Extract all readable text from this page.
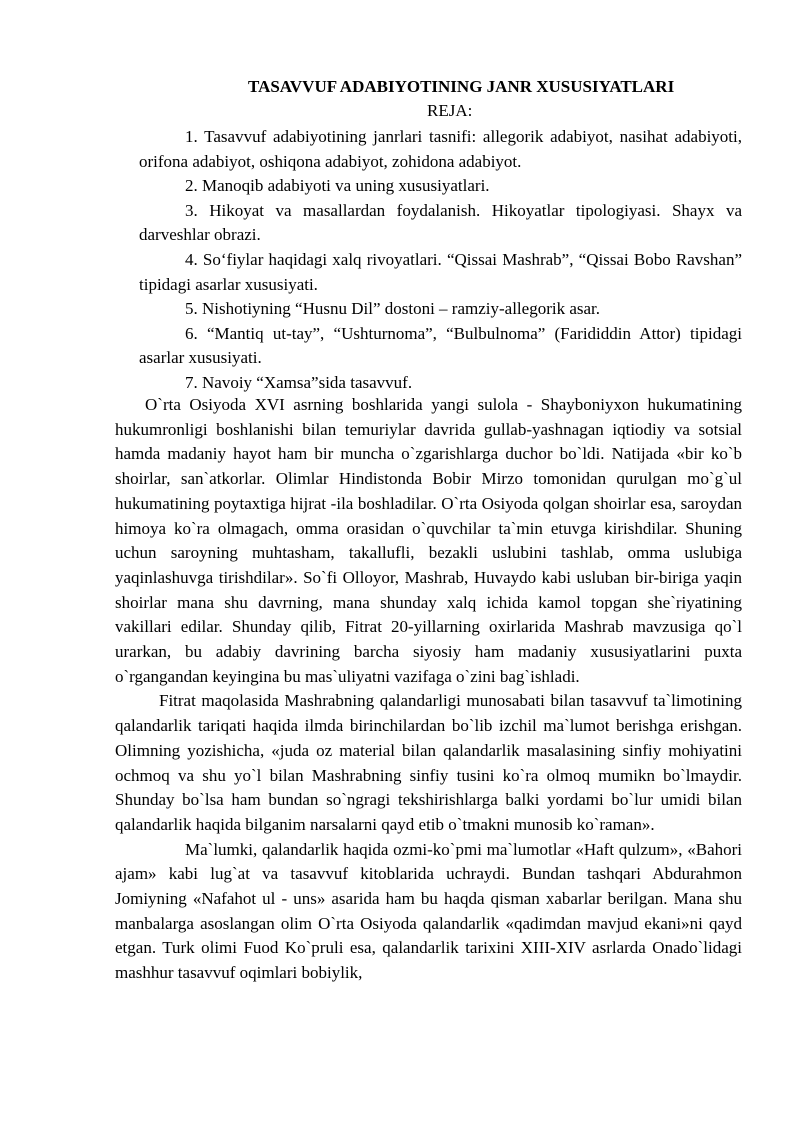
TASAVVUF ADABIYOTINING JANR XUSUSIYATLARI
REJA:
1. Tasavvuf adabiyotining janrlari tasnifi: allegorik adabiyot, nasihat adabiyoti, orifona adabiyot, oshiqona adabiyot, zohidona adabiyot.
2. Manoqib adabiyoti va uning xususiyatlari.
3. Hikoyat va masallardan foydalanish. Hikoyatlar tipologiyasi. Shayx va darveshlar obrazi.
4. So‘fiylar haqidagi xalq rivoyatlari. “Qissai Mashrab”, “Qissai Bobo Ravshan” tipidagi asarlar xususiyati.
5. Nishotiyning “Husnu Dil” dostoni – ramziy-allegorik asar.
6. “Mantiq ut-tay”, “Ushturnoma”, “Bulbulnoma” (Farididdin Attor) tipidagi asarlar xususiyati.
7. Navoiy “Xamsa”sida tasavvuf.

O`rta Osiyoda XVI asrning boshlarida yangi sulola - Shayboniyxon hukumatining hukumronligi boshlanishi bilan temuriylar davrida gullab-yashnagan iqtiodiy va sotsial hamda madaniy hayot ham bir muncha o`zgarishlarga duchor bo`ldi. Natijada «bir ko`b shoirlar, san`atkorlar. Olimlar Hindistonda Bobir Mirzo tomonidan qurulgan mo`g`ul hukumatining poytaxtiga hijrat -ila boshladilar. O`rta Osiyoda qolgan shoirlar esa, saroydan himoya ko`ra olmagach, omma orasidan o`quvchilar ta`min etuvga kirishdilar. Shuning uchun saroyning muhtasham, takallufli, bezakli uslubini tashlab, omma uslubiga yaqinlashuvga tirishdilar». So`fi Olloyor, Mashrab, Huvaydo kabi usluban bir-biriga yaqin shoirlar mana shu davrning, mana shunday xalq ichida kamol topgan she`riyatining vakillari edilar. Shunday qilib, Fitrat 20-yillarning oxirlarida Mashrab mavzusiga qo`l urarkan, bu adabiy davrining barcha siyosiy ham madaniy xususiyatlarini puxta o`rgangandan keyingina bu mas`uliyatni vazifaga o`zini bag`ishladi.

Fitrat maqolasida Mashrabning qalandarligi munosabati bilan tasavvuf ta`limotining qalandarlik tariqati haqida ilmda birinchilardan bo`lib izchil ma`lumot berishga erishgan. Olimning yozishicha, «juda oz material bilan qalandarlik masalasining sinfiy mohiyatini ochmoq va shu yo`l bilan Mashrabning sinfiy tusini ko`ra olmoq mumikn bo`lmaydir. Shunday bo`lsa ham bundan so`ngragi tekshirishlarga balki yordami bo`lur umidi bilan qalandarlik haqida bilganim narsalarni qayd etib o`tmakni munosib ko`raman».

Ma`lumki, qalandarlik haqida ozmi-ko`pmi ma`lumotlar «Haft qulzum», «Bahori ajam» kabi lug`at va tasavvuf kitoblarida uchraydi. Bundan tashqari Abdurahmon Jomiyning «Nafahot ul - uns» asarida ham bu haqda qisman xabarlar berilgan. Mana shu manbalarga asoslangan olim O`rta Osiyoda qalandarlik «qadimdan mavjud ekani»ni qayd etgan. Turk olimi Fuod Ko`pruli esa, qalandarlik tarixini XIII-XIV asrlarda Onado`lidagi mashhur tasavvuf oqimlari bobiylik,
